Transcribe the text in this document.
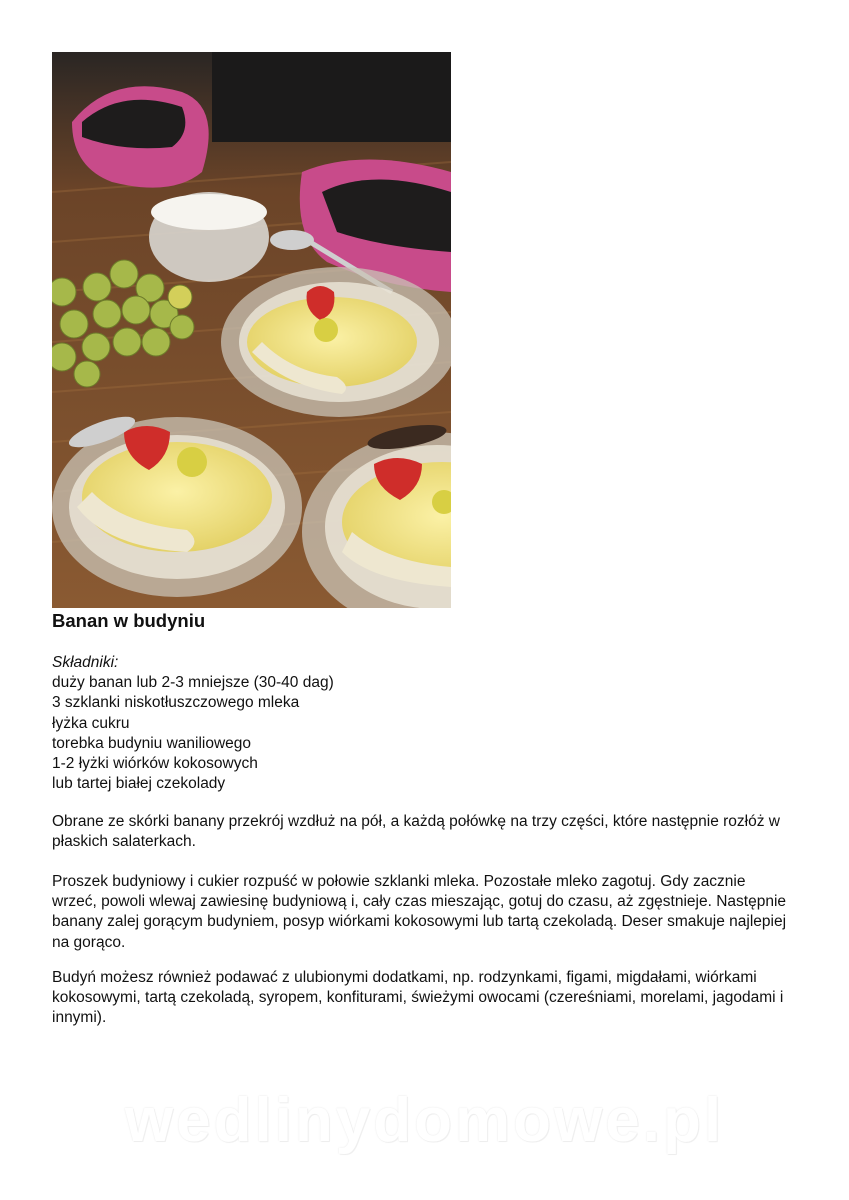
Banan w budyniu
Składniki:
duży banan lub 2-3 mniejsze (30-40 dag)
3 szklanki niskotłuszczowego mleka
łyżka cukru
torebka budyniu waniliowego
1-2 łyżki wiórków kokosowych
lub tartej białej czekolady
Obrane ze skórki banany przekrój wzdłuż na pół, a każdą połówkę na trzy części, które następnie rozłóż w płaskich salaterkach.
Proszek budyniowy i cukier rozpuść w połowie szklanki mleka. Pozostałe mleko zagotuj. Gdy zacznie wrzeć, powoli wlewaj zawiesinę budyniową i, cały czas mieszając, gotuj do czasu, aż zgęstnieje. Następnie banany zalej gorącym budyniem, posyp wiórkami kokosowymi lub tartą czekoladą. Deser smakuje najlepiej na gorąco.
Budyń możesz również podawać z ulubionymi dodatkami, np. rodzynkami, figami, migdałami, wiórkami kokosowymi, tartą czekoladą, syropem, konfiturami, świeżymi owocami (czereśniami, morelami, jagodami i innymi).
wedlinydomowe.pl
